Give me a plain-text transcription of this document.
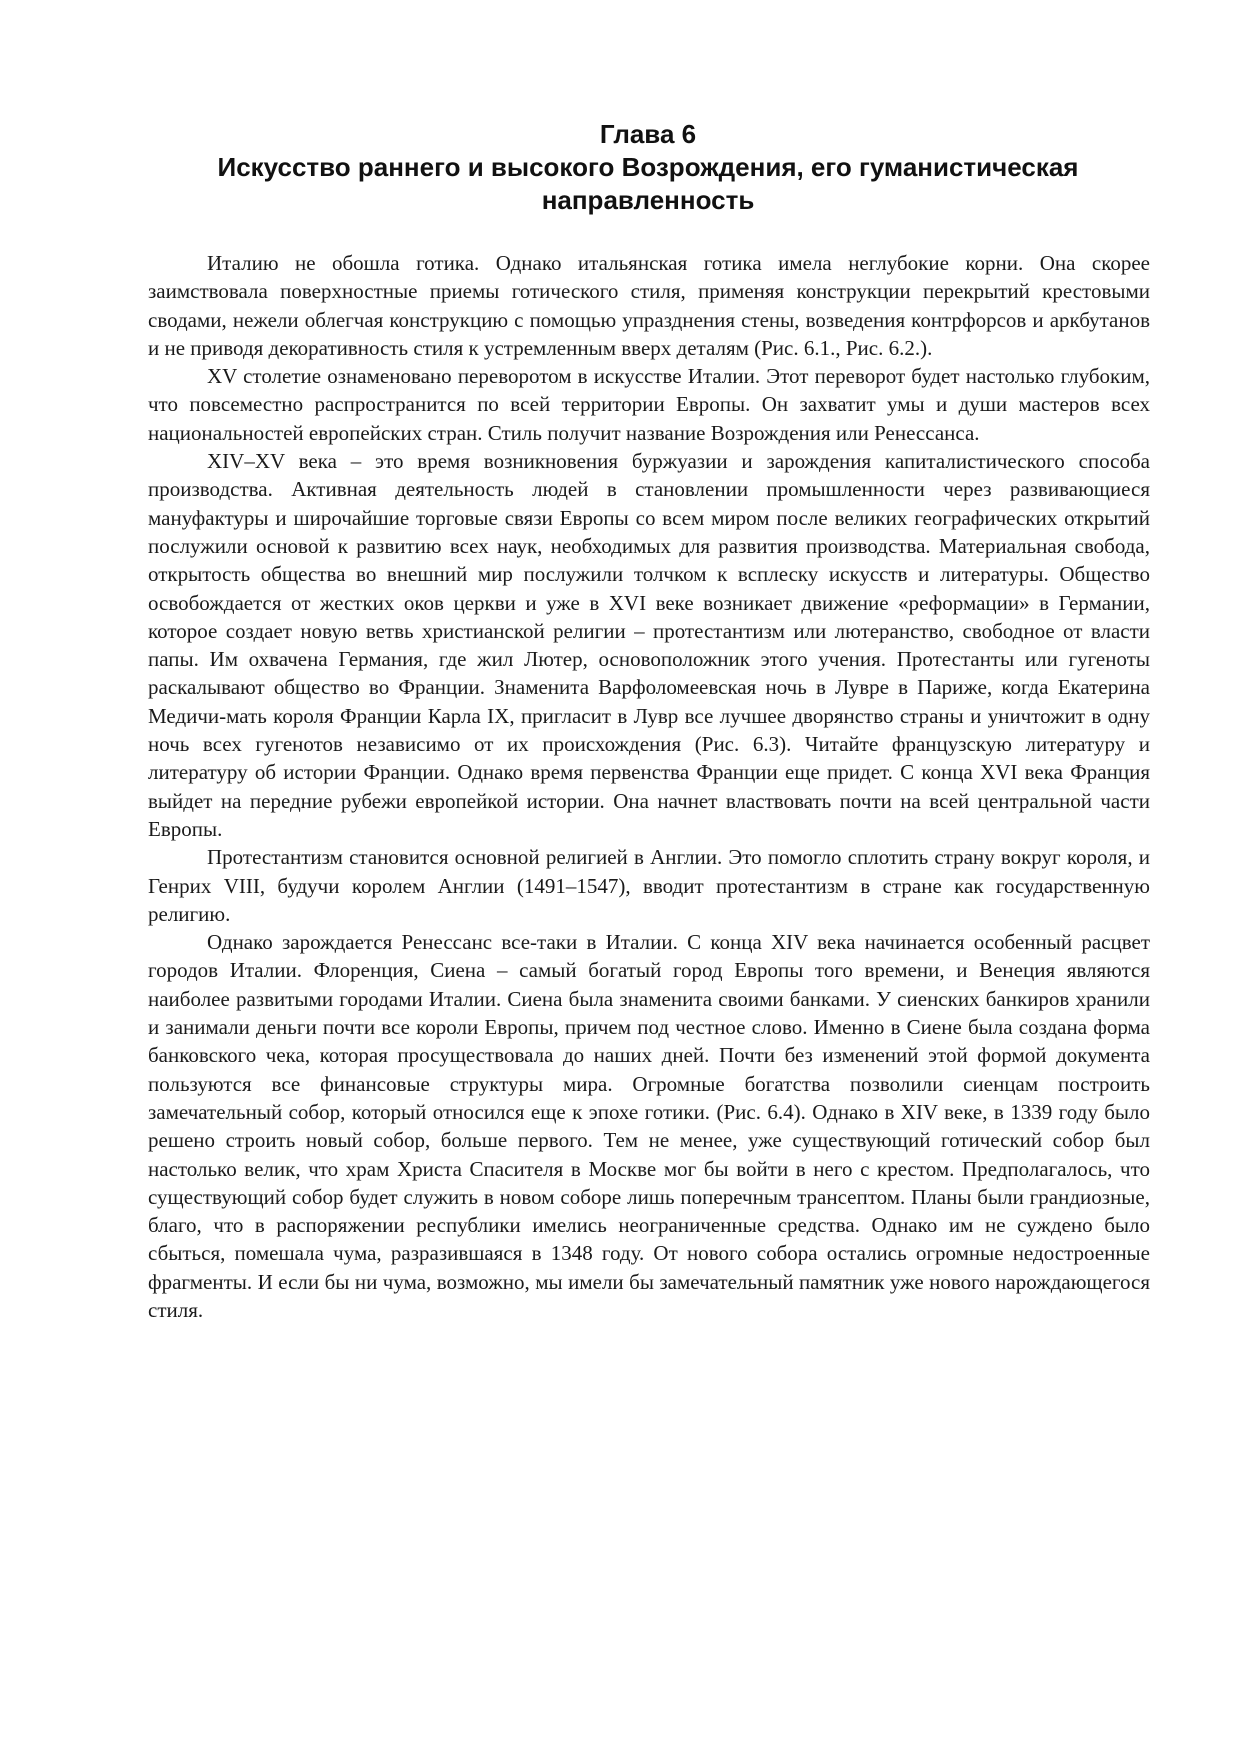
Глава 6
Искусство раннего и высокого Возрождения, его гуманистическая направленность

Италию не обошла готика. Однако итальянская готика имела неглубокие корни. Она скорее заимствовала поверхностные приемы готического стиля, применяя конструкции перекрытий крестовыми сводами, нежели облегчая конструкцию с помощью упразднения стены, возведения контрфорсов и аркбутанов и не приводя декоративность стиля к устремленным вверх деталям (Рис. 6.1., Рис. 6.2.).

XV столетие ознаменовано переворотом в искусстве Италии. Этот переворот будет настолько глубоким, что повсеместно распространится по всей территории Европы. Он захватит умы и души мастеров всех национальностей европейских стран. Стиль получит название Возрождения или Ренессанса.

XIV–XV века – это время возникновения буржуазии и зарождения капиталистического способа производства. Активная деятельность людей в становлении промышленности через развивающиеся мануфактуры и широчайшие торговые связи Европы со всем миром после великих географических открытий послужили основой к развитию всех наук, необходимых для развития производства. Материальная свобода, открытость общества во внешний мир послужили толчком к всплеску искусств и литературы. Общество освобождается от жестких оков церкви и уже в XVI веке возникает движение «реформации» в Германии, которое создает новую ветвь христианской религии – протестантизм или лютеранство, свободное от власти папы. Им охвачена Германия, где жил Лютер, основоположник этого учения. Протестанты или гугеноты раскалывают общество во Франции. Знаменита Варфоломеевская ночь в Лувре в Париже, когда Екатерина Медичи-мать короля Франции Карла IX, пригласит в Лувр все лучшее дворянство страны и уничтожит в одну ночь всех гугенотов независимо от их происхождения (Рис. 6.3). Читайте французскую литературу и литературу об истории Франции. Однако время первенства Франции еще придет. С конца XVI века Франция выйдет на передние рубежи европейкой истории. Она начнет властвовать почти на всей центральной части Европы.

Протестантизм становится основной религией в Англии. Это помогло сплотить страну вокруг короля, и Генрих VIII, будучи королем Англии (1491–1547), вводит протестантизм в стране как государственную религию.

Однако зарождается Ренессанс все-таки в Италии. С конца XIV века начинается особенный расцвет городов Италии. Флоренция, Сиена – самый богатый город Европы того времени, и Венеция являются наиболее развитыми городами Италии. Сиена была знаменита своими банками. У сиенских банкиров хранили и занимали деньги почти все короли Европы, причем под честное слово. Именно в Сиене была создана форма банковского чека, которая просуществовала до наших дней. Почти без изменений этой формой документа пользуются все финансовые структуры мира. Огромные богатства позволили сиенцам построить замечательный собор, который относился еще к эпохе готики. (Рис. 6.4). Однако в XIV веке, в 1339 году было решено строить новый собор, больше первого. Тем не менее, уже существующий готический собор был настолько велик, что храм Христа Спасителя в Москве мог бы войти в него с крестом. Предполагалось, что существующий собор будет служить в новом соборе лишь поперечным трансептом. Планы были грандиозные, благо, что в распоряжении республики имелись неограниченные средства. Однако им не суждено было сбыться, помешала чума, разразившаяся в 1348 году. От нового собора остались огромные недостроенные фрагменты. И если бы ни чума, возможно, мы имели бы замечательный памятник уже нового нарождающегося стиля.
